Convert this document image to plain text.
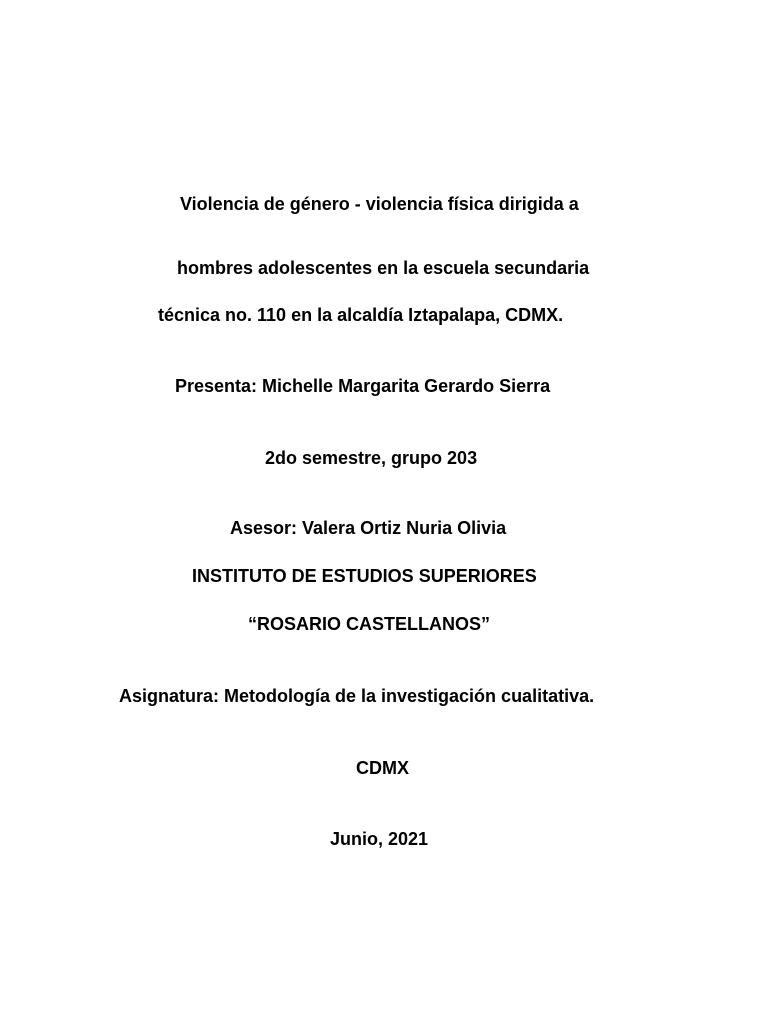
Violencia de género - violencia física dirigida a
hombres adolescentes en la escuela secundaria
técnica no. 110 en la alcaldía Iztapalapa, CDMX.
Presenta: Michelle Margarita Gerardo Sierra
2do semestre, grupo 203
Asesor: Valera Ortiz Nuria Olivia
INSTITUTO DE ESTUDIOS SUPERIORES
“ROSARIO CASTELLANOS”
Asignatura: Metodología de la investigación cualitativa.
CDMX
Junio, 2021
